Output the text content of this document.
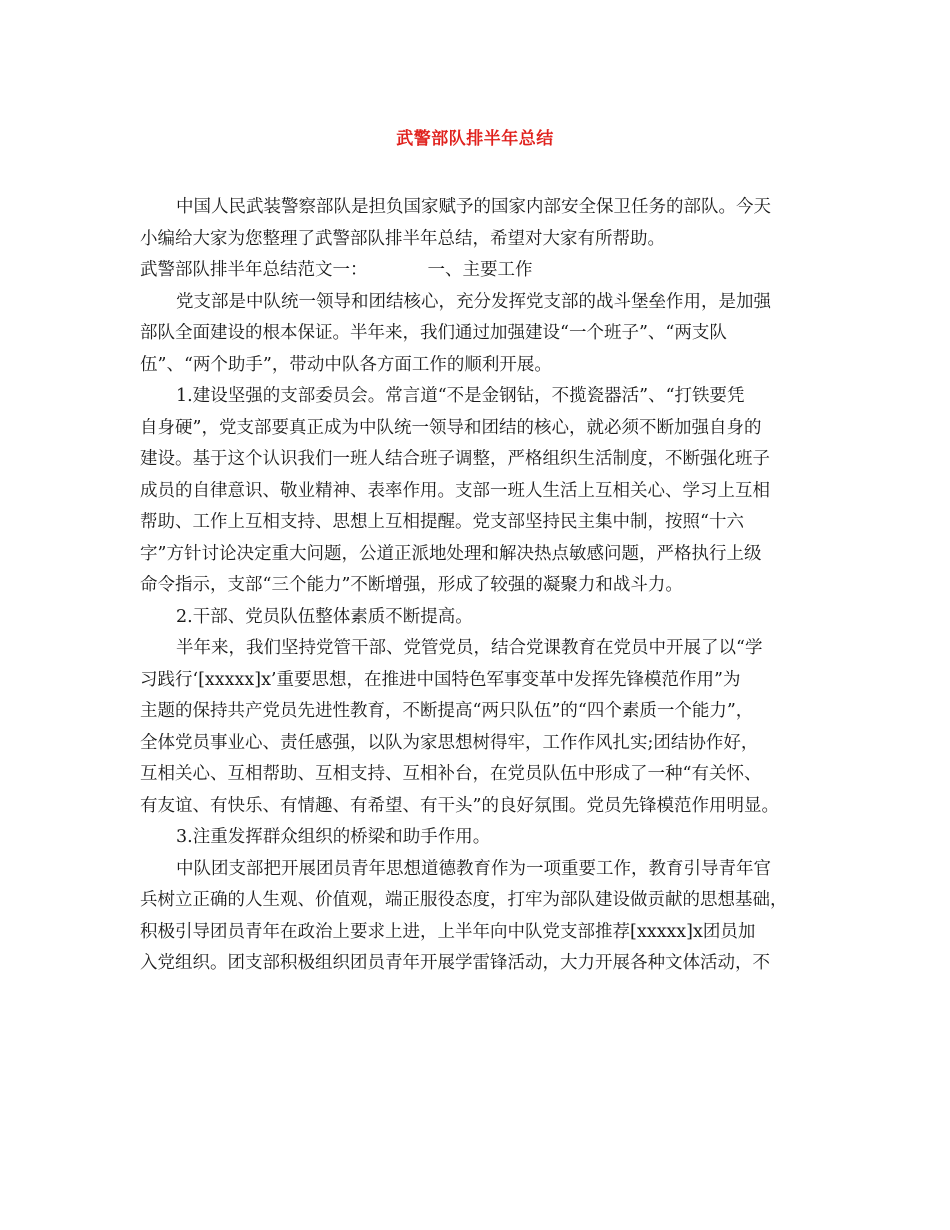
武警部队排半年总结
中国人民武装警察部队是担负国家赋予的国家内部安全保卫任务的部队。今天
小编给大家为您整理了武警部队排半年总结，希望对大家有所帮助。
武警部队排半年总结范文一：	一、主要工作
党支部是中队统一领导和团结核心，充分发挥党支部的战斗堡垒作用，是加强
部队全面建设的根本保证。半年来，我们通过加强建设“一个班子”、“两支队
伍”、“两个助手”，带动中队各方面工作的顺利开展。
1.建设坚强的支部委员会。常言道“不是金钢钻，不揽瓷器活”、“打铁要凭
自身硬”，党支部要真正成为中队统一领导和团结的核心，就必须不断加强自身的
建设。基于这个认识我们一班人结合班子调整，严格组织生活制度，不断强化班子
成员的自律意识、敬业精神、表率作用。支部一班人生活上互相关心、学习上互相
帮助、工作上互相支持、思想上互相提醒。党支部坚持民主集中制，按照“十六
字”方针讨论决定重大问题，公道正派地处理和解决热点敏感问题，严格执行上级
命令指示，支部“三个能力”不断增强，形成了较强的凝聚力和战斗力。
2.干部、党员队伍整体素质不断提高。
半年来，我们坚持党管干部、党管党员，结合党课教育在党员中开展了以“学
习践行‘[xxxxx]x’重要思想，在推进中国特色军事变革中发挥先锋模范作用”为
主题的保持共产党员先进性教育，不断提高“两只队伍”的“四个素质一个能力”，
全体党员事业心、责任感强，以队为家思想树得牢，工作作风扎实;团结协作好，
互相关心、互相帮助、互相支持、互相补台，在党员队伍中形成了一种“有关怀、
有友谊、有快乐、有情趣、有希望、有干头”的良好氛围。党员先锋模范作用明显。
3.注重发挥群众组织的桥梁和助手作用。
中队团支部把开展团员青年思想道德教育作为一项重要工作，教育引导青年官
兵树立正确的人生观、价值观，端正服役态度，打牢为部队建设做贡献的思想基础，
积极引导团员青年在政治上要求上进，上半年向中队党支部推荐[xxxxx]x团员加
入党组织。团支部积极组织团员青年开展学雷锋活动，大力开展各种文体活动，不
